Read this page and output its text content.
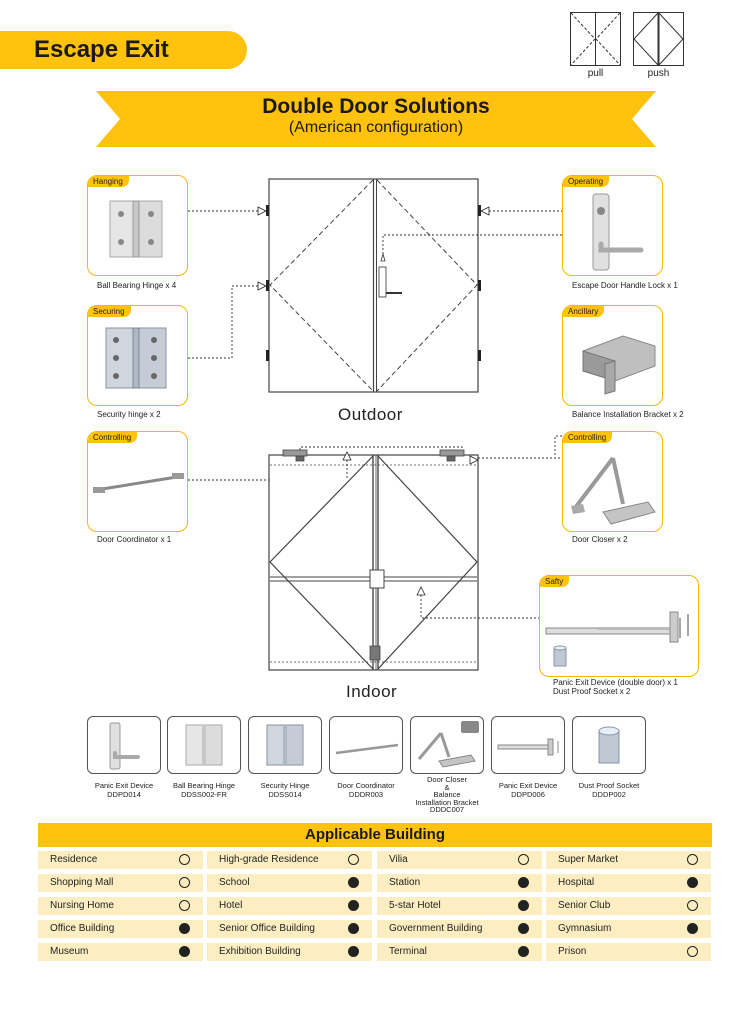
Escape Exit
pull	push
Double Door Solutions
(American configuration)
Outdoor
Indoor
Hanging
Ball Bearing Hinge x 4
Securing
Security hinge x 2
Controlling
Door Coordinator x 1
Operating
Escape Door Handle Lock x 1
Ancillary
Balance Installation Bracket x 2
Controlling
Door Closer x 2
Safty
Panic Exit Device (double door) x 1
Dust Proof Socket x 2
Panic Exit Device
DDPD014
Ball Bearing Hinge
DDSS002-FR
Security Hinge
DDSS014
Door Coordinator
DDDR003
Door Closer
&
Balance
Installation Bracket
DDDC007
Panic Exit Device
DDPD006
Dust Proof Socket
DDDP002
Applicable Building
Residence	High-grade Residence	Vilia	Super Market
Shopping Mall	School	Station	Hospital
Nursing Home	Hotel	5-star Hotel	Senior Club
Office Building	Senior Office Building	Government Building	Gymnasium
Museum	Exhibition Building	Terminal	Prison
